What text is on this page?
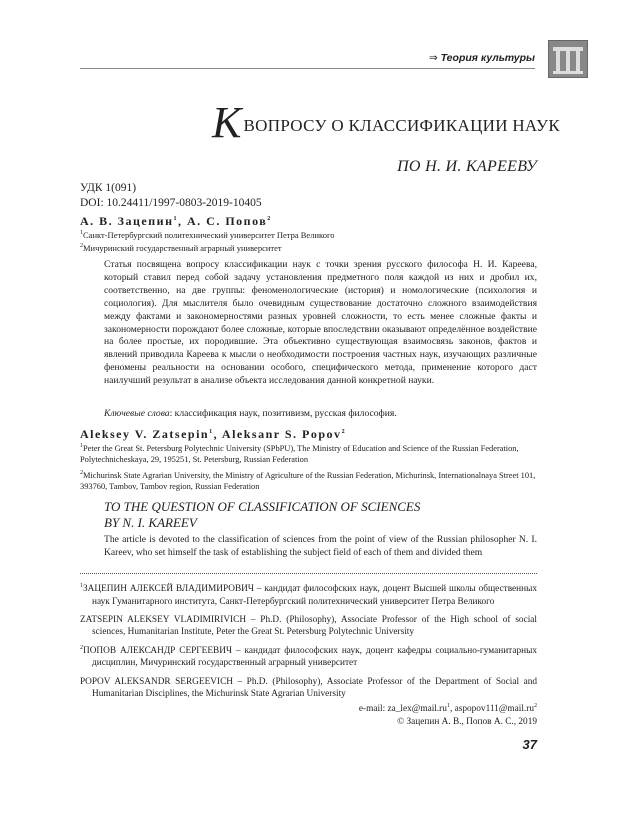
⇒ Теория культуры
КВОПРОСУ О КЛАССИФИКАЦИИ НАУК
ПО Н. И. КАРЕЕВУ
УДК 1(091)
DOI: 10.24411/1997-0803-2019-10405
А. В. Зацепин$^1$, А. С. Попов$^2$
$^1$Санкт-Петербургский политехнический университет Петра Великого
$^2$Мичуринский государственный аграрный университет

Статья посвящена вопросу классификации наук с точки зрения русского философа Н. И. Кареева, который ставил перед собой задачу установления предметного поля каждой из них и дробил их, соответственно, на две группы: феноменологические (история) и номологические (психология и социология). Для мыслителя было очевидным существование достаточно сложного взаимодействия между фактами и закономерностями разных уровней сложности, то есть менее сложные факты и закономерности порождают более сложные, которые впоследствии оказывают определённое воздействие на более простые, их породившие. Эта объективно существующая взаимосвязь законов, фактов и явлений приводила Кареева к мысли о необходимости построения частных наук, изучающих различные феномены реальности на основании особого, специфического метода, применение которого даст наилучший результат в анализе объекта исследования данной конкретной науки.

Ключевые слова: классификация наук, позитивизм, русская философия.
Aleksey V. Zatsepin$^1$, Aleksanr S. Popov$^2$
$^1$Peter the Great St. Petersburg Polytechnic University (SPbPU), The Ministry of Education and Science of the Russian Federation, Polytechnicheskaya, 29, 195251, St. Petersburg, Russian Federation
$^2$Michurinsk State Agrarian University, the Ministry of Agriculture of the Russian Federation, Michurinsk, Internationalnaya Street 101, 393760, Tambov, Tambov region, Russian Federation
TO THE QUESTION OF CLASSIFICATION OF SCIENCES
BY N. I. KAREEV
The article is devoted to the classification of sciences from the point of view of the Russian philosopher N. I. Kareev, who set himself the task of establishing the subject field of each of them and divided them
$^1$ЗАЦЕПИН АЛЕКСЕЙ ВЛАДИМИРОВИЧ – кандидат философских наук, доцент Высшей школы общественных наук Гуманитарного института, Санкт-Петербургский политехнический университет Петра Великого
ZATSEPIN ALEKSEY VLADIMIRIVICH – Ph.D. (Philosophy), Associate Professor of the High school of social sciences, Humanitarian Institute, Peter the Great St. Petersburg Polytechnic University
$^2$ПОПОВ АЛЕКСАНДР СЕРГЕЕВИЧ – кандидат философских наук, доцент кафедры социально-гуманитарных дисциплин, Мичуринский государственный аграрный университет
POPOV ALEKSANDR SERGEEVICH – Ph.D. (Philosophy), Associate Professor of the Department of Social and Humanitarian Disciplines, the Michurinsk State Agrarian University
e-mail: $za\_lex@mail.ru^1$, $aspopov111@mail.ru^2$
© Зацепин А. В., Попов А. С., 2019
37
